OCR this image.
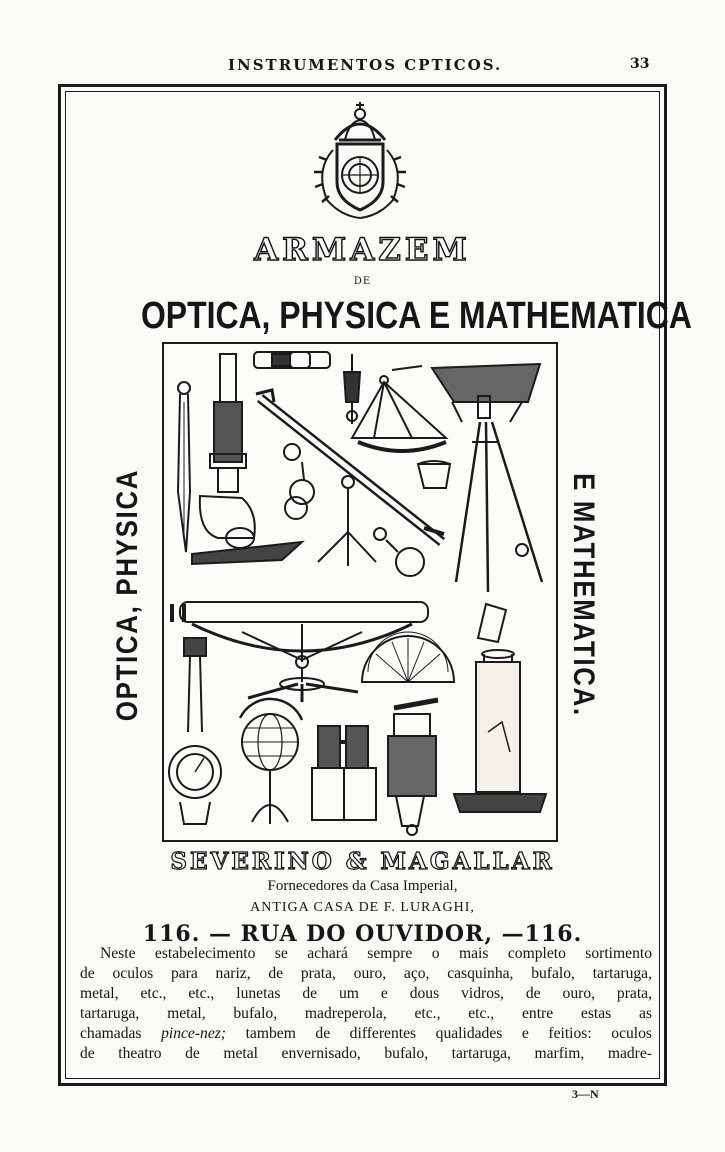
INSTRUMENTOS CPTICOS.	33
ARMAZEM
DE
OPTICA, PHYSICA E MATHEMATICA
OPTICA, PHYSICA	E MATHEMATICA.
SEVERINO & MAGALLAR
Fornecedores da Casa Imperial,
ANTIGA CASA DE F. LURAGHI,
116. — RUA DO OUVIDOR, —116.
Neste estabelecimento se achará sempre o mais completo sortimento
de oculos para nariz, de prata, ouro, aço, casquinha, bufalo, tartaruga,
metal, etc., etc., lunetas de um e dous vidros, de ouro, prata,
tartaruga, metal, bufalo, madreperola, etc., etc., entre estas as
chamadas pince-nez; tambem de differentes qualidades e feitios: oculos
de theatro de metal envernisado, bufalo, tartaruga, marfim, madre-
3—N
